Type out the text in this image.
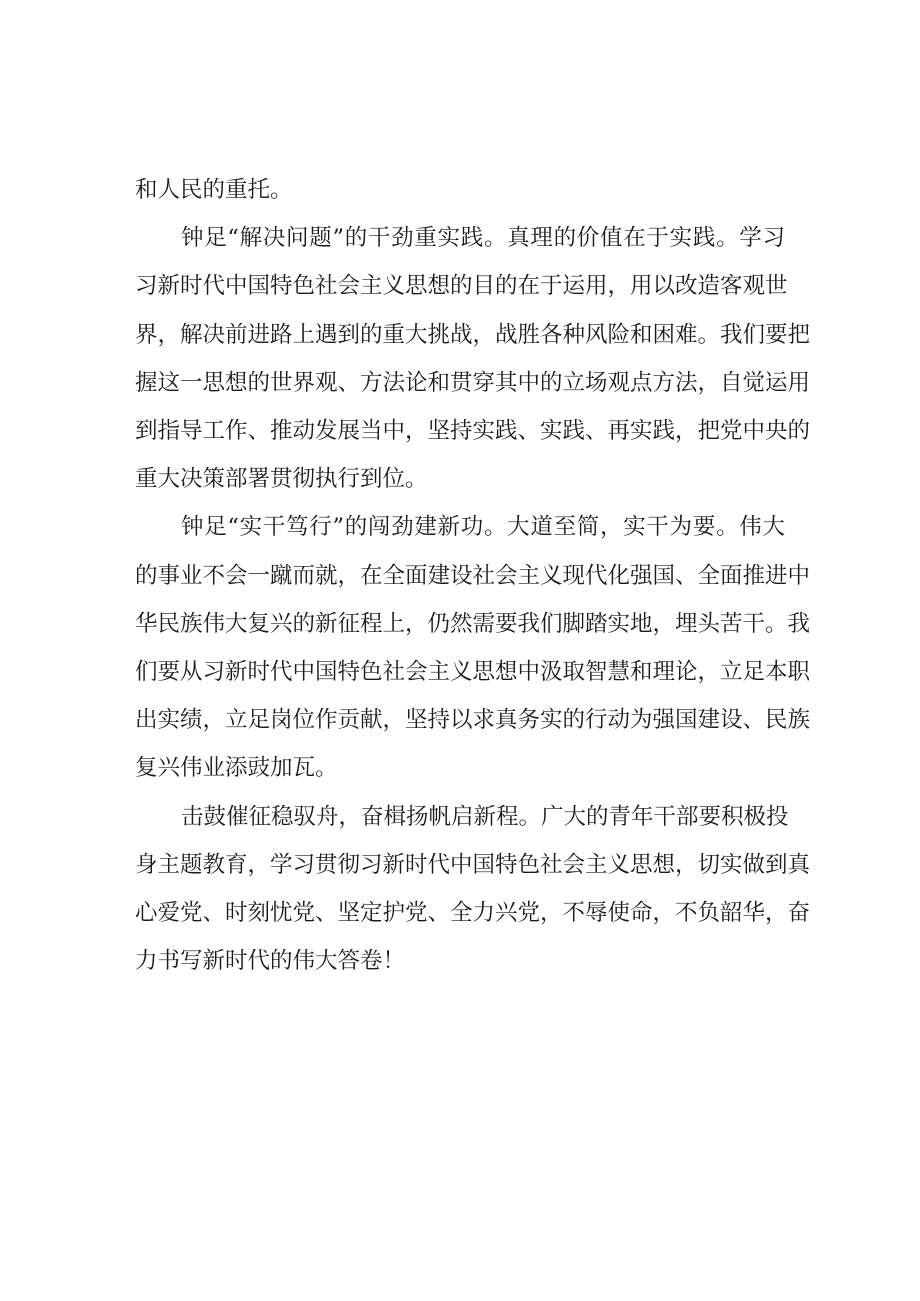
和人民的重托。
钟足“解决问题”的干劲重实践。真理的价值在于实践。学习
习新时代中国特色社会主义思想的目的在于运用，用以改造客观世
界，解决前进路上遇到的重大挑战，战胜各种风险和困难。我们要把
握这一思想的世界观、方法论和贯穿其中的立场观点方法，自觉运用
到指导工作、推动发展当中，坚持实践、实践、再实践，把党中央的
重大决策部署贯彻执行到位。
钟足“实干笃行”的闯劲建新功。大道至简，实干为要。伟大
的事业不会一蹴而就，在全面建设社会主义现代化强国、全面推进中
华民族伟大复兴的新征程上，仍然需要我们脚踏实地，埋头苦干。我
们要从习新时代中国特色社会主义思想中汲取智慧和理论，立足本职
出实绩，立足岗位作贡献，坚持以求真务实的行动为强国建设、民族
复兴伟业添豉加瓦。
击鼓催征稳驭舟，奋楫扬帆启新程。广大的青年干部要积极投
身主题教育，学习贯彻习新时代中国特色社会主义思想，切实做到真
心爱党、时刻忧党、坚定护党、全力兴党，不辱使命，不负韶华，奋
力书写新时代的伟大答卷！
